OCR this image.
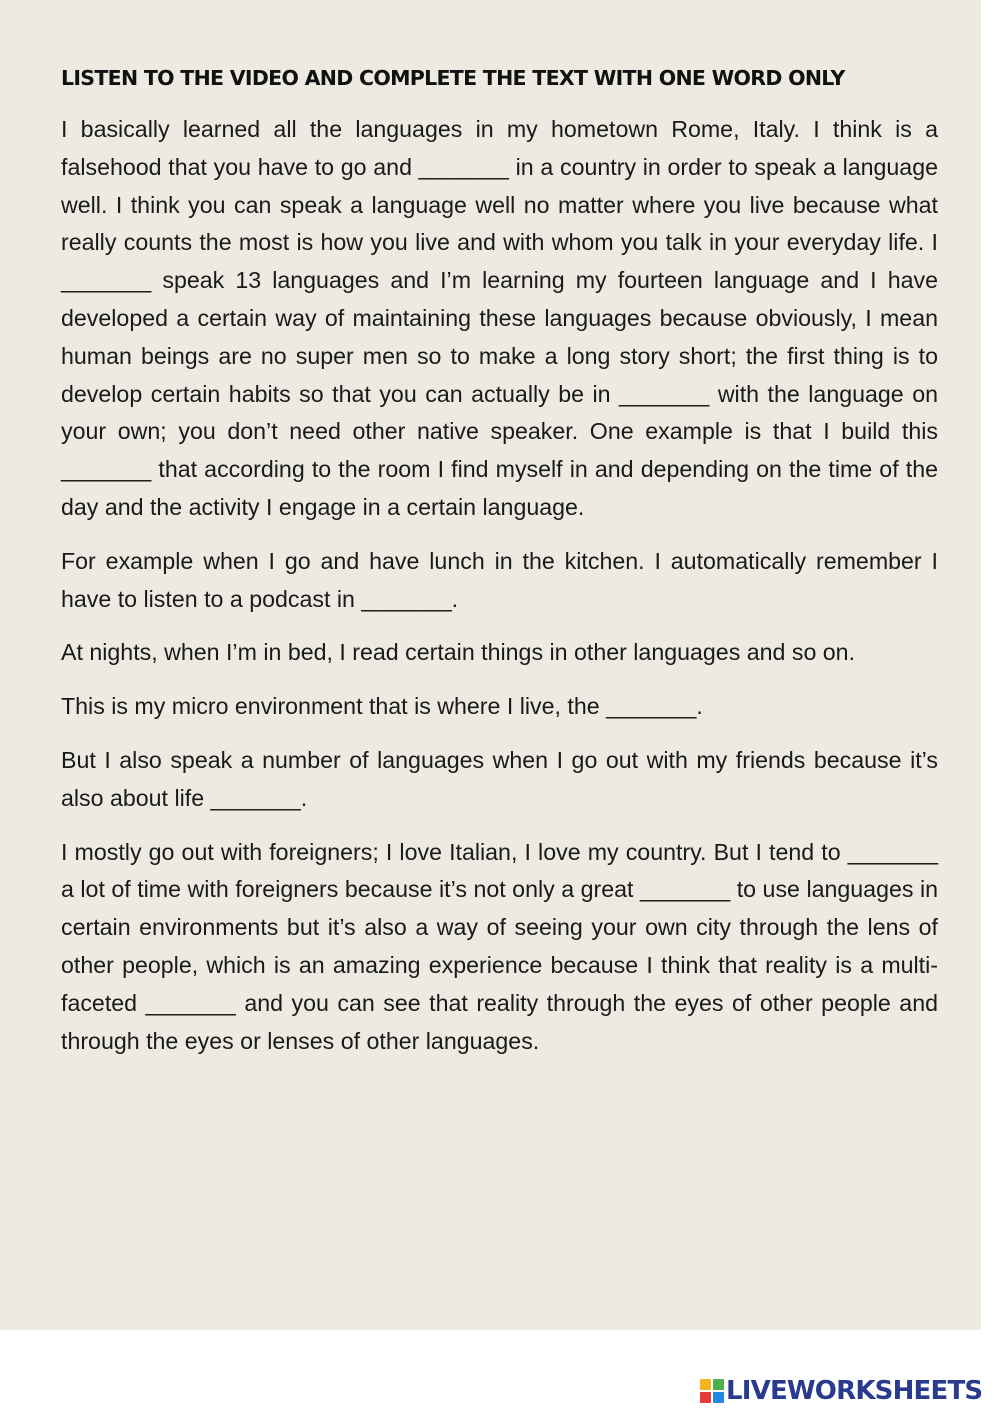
LISTEN TO THE VIDEO AND COMPLETE THE TEXT WITH ONE WORD ONLY

I basically learned all the languages in my hometown Rome, Italy. I think is a falsehood that you have to go and _______ in a country in order to speak a language well. I think you can speak a language well no matter where you live because what really counts the most is how you live and with whom you talk in your everyday life. I _______ speak 13 languages and I’m learning my fourteen language and I have developed a certain way of maintaining these languages because obviously, I mean human beings are no super men so to make a long story short; the first thing is to develop certain habits so that you can actually be in _______ with the language on your own; you don’t need other native speaker. One example is that I build this _______ that according to the room I find myself in and depending on the time of the day and the activity I engage in a certain language.

For example when I go and have lunch in the kitchen. I automatically remember I have to listen to a podcast in _______.

At nights, when I’m in bed, I read certain things in other languages and so on.

This is my micro environment that is where I live, the _______.

But I also speak a number of languages when I go out with my friends because it’s also about life _______.

I mostly go out with foreigners; I love Italian, I love my country. But I tend to _______ a lot of time with foreigners because it’s not only a great _______ to use languages in certain environments but it’s also a way of seeing your own city through the lens of other people, which is an amazing experience because I think that reality is a multi-faceted _______ and you can see that reality through the eyes of other people and through the eyes or lenses of other languages.

LIVEWORKSHEETS
